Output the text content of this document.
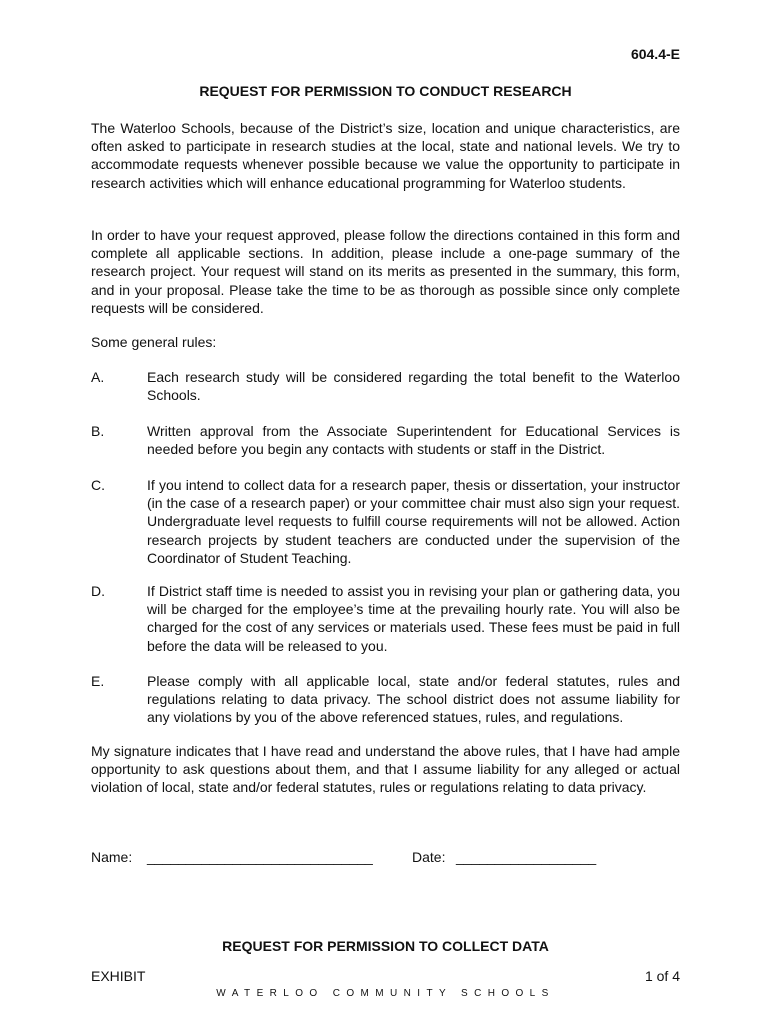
604.4-E
REQUEST FOR PERMISSION TO CONDUCT RESEARCH

The Waterloo Schools, because of the District’s size, location and unique characteristics, are often asked to participate in research studies at the local, state and national levels. We try to accommodate requests whenever possible because we value the opportunity to participate in research activities which will enhance educational programming for Waterloo students.

In order to have your request approved, please follow the directions contained in this form and complete all applicable sections. In addition, please include a one-page summary of the research project. Your request will stand on its merits as presented in the summary, this form, and in your proposal. Please take the time to be as thorough as possible since only complete requests will be considered.

Some general rules:

A.	Each research study will be considered regarding the total benefit to the Waterloo Schools.

B.	Written approval from the Associate Superintendent for Educational Services is needed before you begin any contacts with students or staff in the District.

C.	If you intend to collect data for a research paper, thesis or dissertation, your instructor (in the case of a research paper) or your committee chair must also sign your request. Undergraduate level requests to fulfill course requirements will not be allowed. Action research projects by student teachers are conducted under the supervision of the Coordinator of Student Teaching.

D.	If District staff time is needed to assist you in revising your plan or gathering data, you will be charged for the employee’s time at the prevailing hourly rate. You will also be charged for the cost of any services or materials used. These fees must be paid in full before the data will be released to you.

E.	Please comply with all applicable local, state and/or federal statutes, rules and regulations relating to data privacy. The school district does not assume liability for any violations by you of the above referenced statues, rules, and regulations.

My signature indicates that I have read and understand the above rules, that I have had ample opportunity to ask questions about them, and that I assume liability for any alleged or actual violation of local, state and/or federal statutes, rules or regulations relating to data privacy.

Name: _____________________________	Date: __________________
REQUEST FOR PERMISSION TO COLLECT DATA
EXHIBIT	1 of 4
WATERLOO COMMUNITY SCHOOLS
